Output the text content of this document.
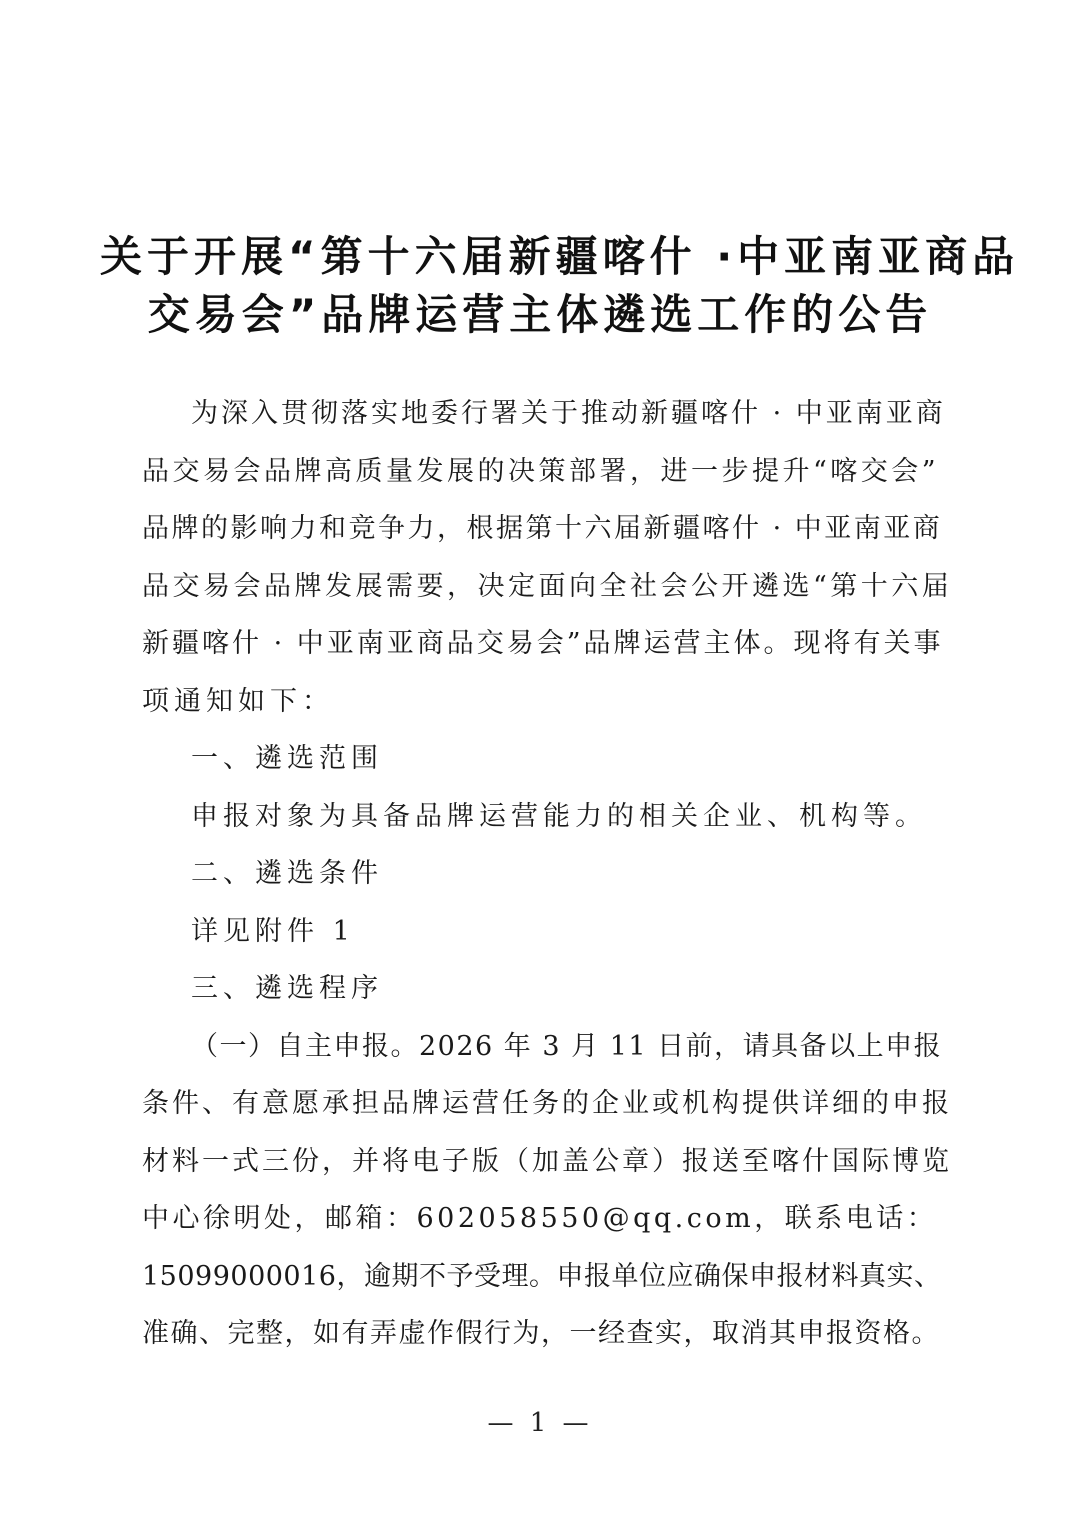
关于开展“第十六届新疆喀什 ·中亚南亚商品
交易会”品牌运营主体遴选工作的公告
为深入贯彻落实地委行署关于推动新疆喀什 · 中亚南亚商
品交易会品牌高质量发展的决策部署，进一步提升“喀交会”
品牌的影响力和竞争力，根据第十六届新疆喀什 · 中亚南亚商
品交易会品牌发展需要，决定面向全社会公开遴选“第十六届
新疆喀什 · 中亚南亚商品交易会”品牌运营主体。现将有关事
项通知如下：
一、遴选范围
申报对象为具备品牌运营能力的相关企业、机构等。
二、遴选条件
详见附件 1
三、遴选程序
（一）自主申报。2026 年 3 月 11 日前，请具备以上申报
条件、有意愿承担品牌运营任务的企业或机构提供详细的申报
材料一式三份，并将电子版（加盖公章）报送至喀什国际博览
中心徐明处，邮箱：602058550@qq.com，联系电话：
15099000016，逾期不予受理。申报单位应确保申报材料真实、
准确、完整，如有弄虚作假行为，一经查实，取消其申报资格。
— 1 —
